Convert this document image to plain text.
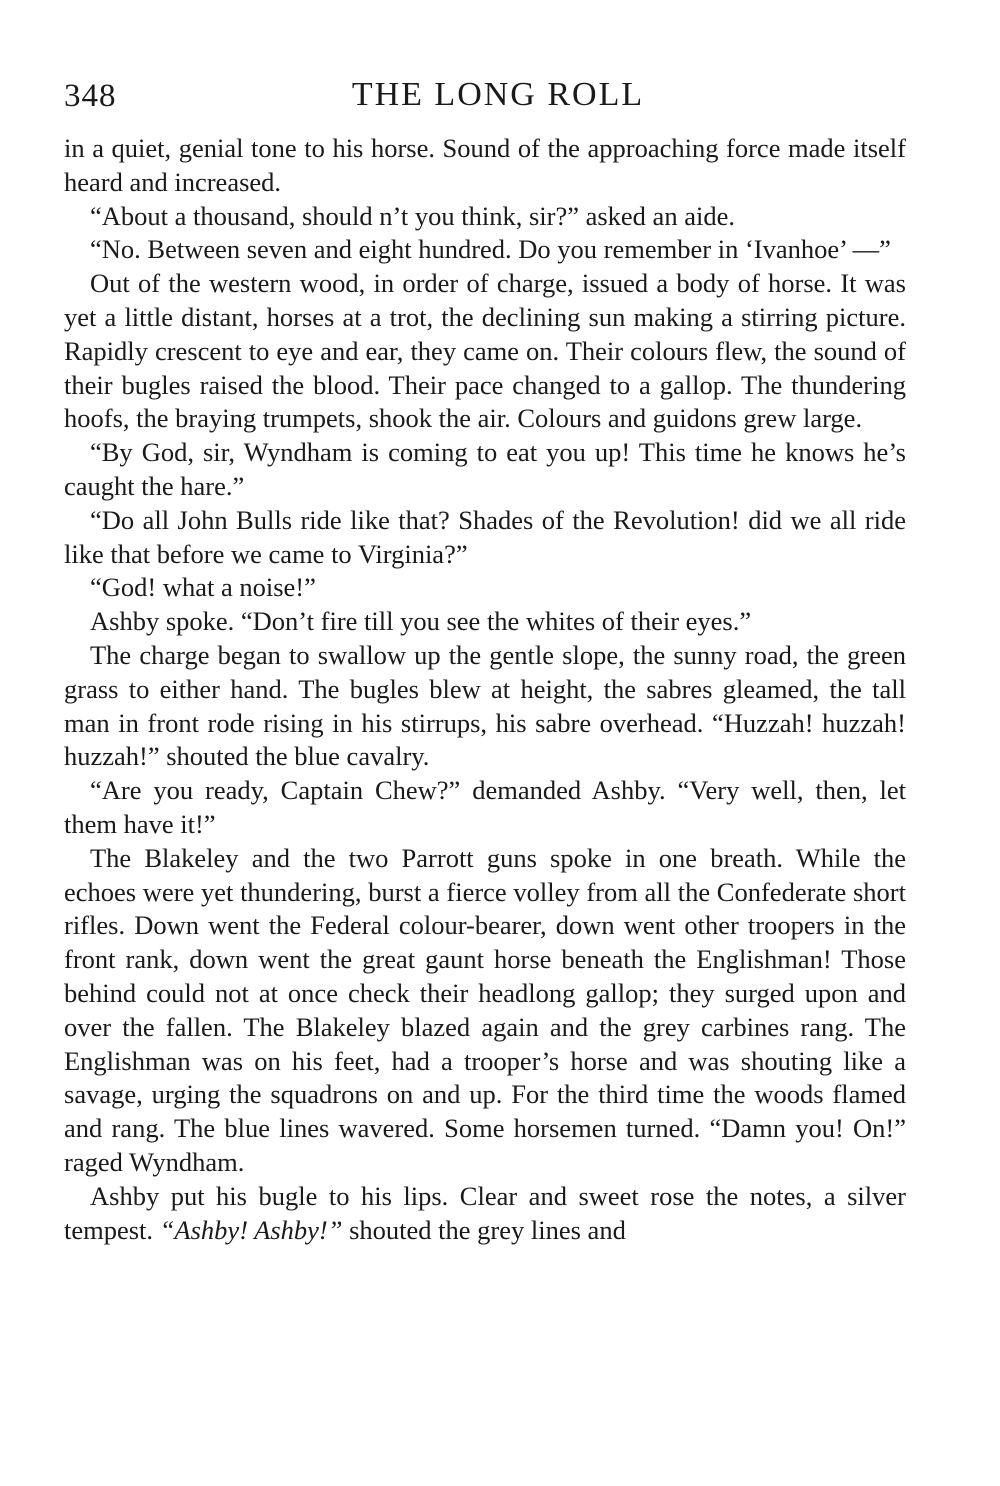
348	THE LONG ROLL

in a quiet, genial tone to his horse. Sound of the approaching force made itself heard and increased.

“About a thousand, should n’t you think, sir?” asked an aide.

“No. Between seven and eight hundred. Do you remember in ‘Ivanhoe’ —”

Out of the western wood, in order of charge, issued a body of horse. It was yet a little distant, horses at a trot, the declining sun making a stirring picture. Rapidly crescent to eye and ear, they came on. Their colours flew, the sound of their bugles raised the blood. Their pace changed to a gallop. The thundering hoofs, the braying trumpets, shook the air. Colours and guidons grew large.

“By God, sir, Wyndham is coming to eat you up! This time he knows he’s caught the hare.”

“Do all John Bulls ride like that? Shades of the Revolution! did we all ride like that before we came to Virginia?”

“God! what a noise!”

Ashby spoke. “Don’t fire till you see the whites of their eyes.”

The charge began to swallow up the gentle slope, the sunny road, the green grass to either hand. The bugles blew at height, the sabres gleamed, the tall man in front rode rising in his stirrups, his sabre overhead. “Huzzah! huzzah! huzzah!” shouted the blue cavalry.

“Are you ready, Captain Chew?” demanded Ashby. “Very well, then, let them have it!”

The Blakeley and the two Parrott guns spoke in one breath. While the echoes were yet thundering, burst a fierce volley from all the Confederate short rifles. Down went the Federal colour-bearer, down went other troopers in the front rank, down went the great gaunt horse beneath the Englishman! Those behind could not at once check their headlong gallop; they surged upon and over the fallen. The Blakeley blazed again and the grey carbines rang. The Englishman was on his feet, had a trooper’s horse and was shouting like a savage, urging the squadrons on and up. For the third time the woods flamed and rang. The blue lines wavered. Some horsemen turned. “Damn you! On!” raged Wyndham.

Ashby put his bugle to his lips. Clear and sweet rose the notes, a silver tempest. “Ashby! Ashby!” shouted the grey lines and
